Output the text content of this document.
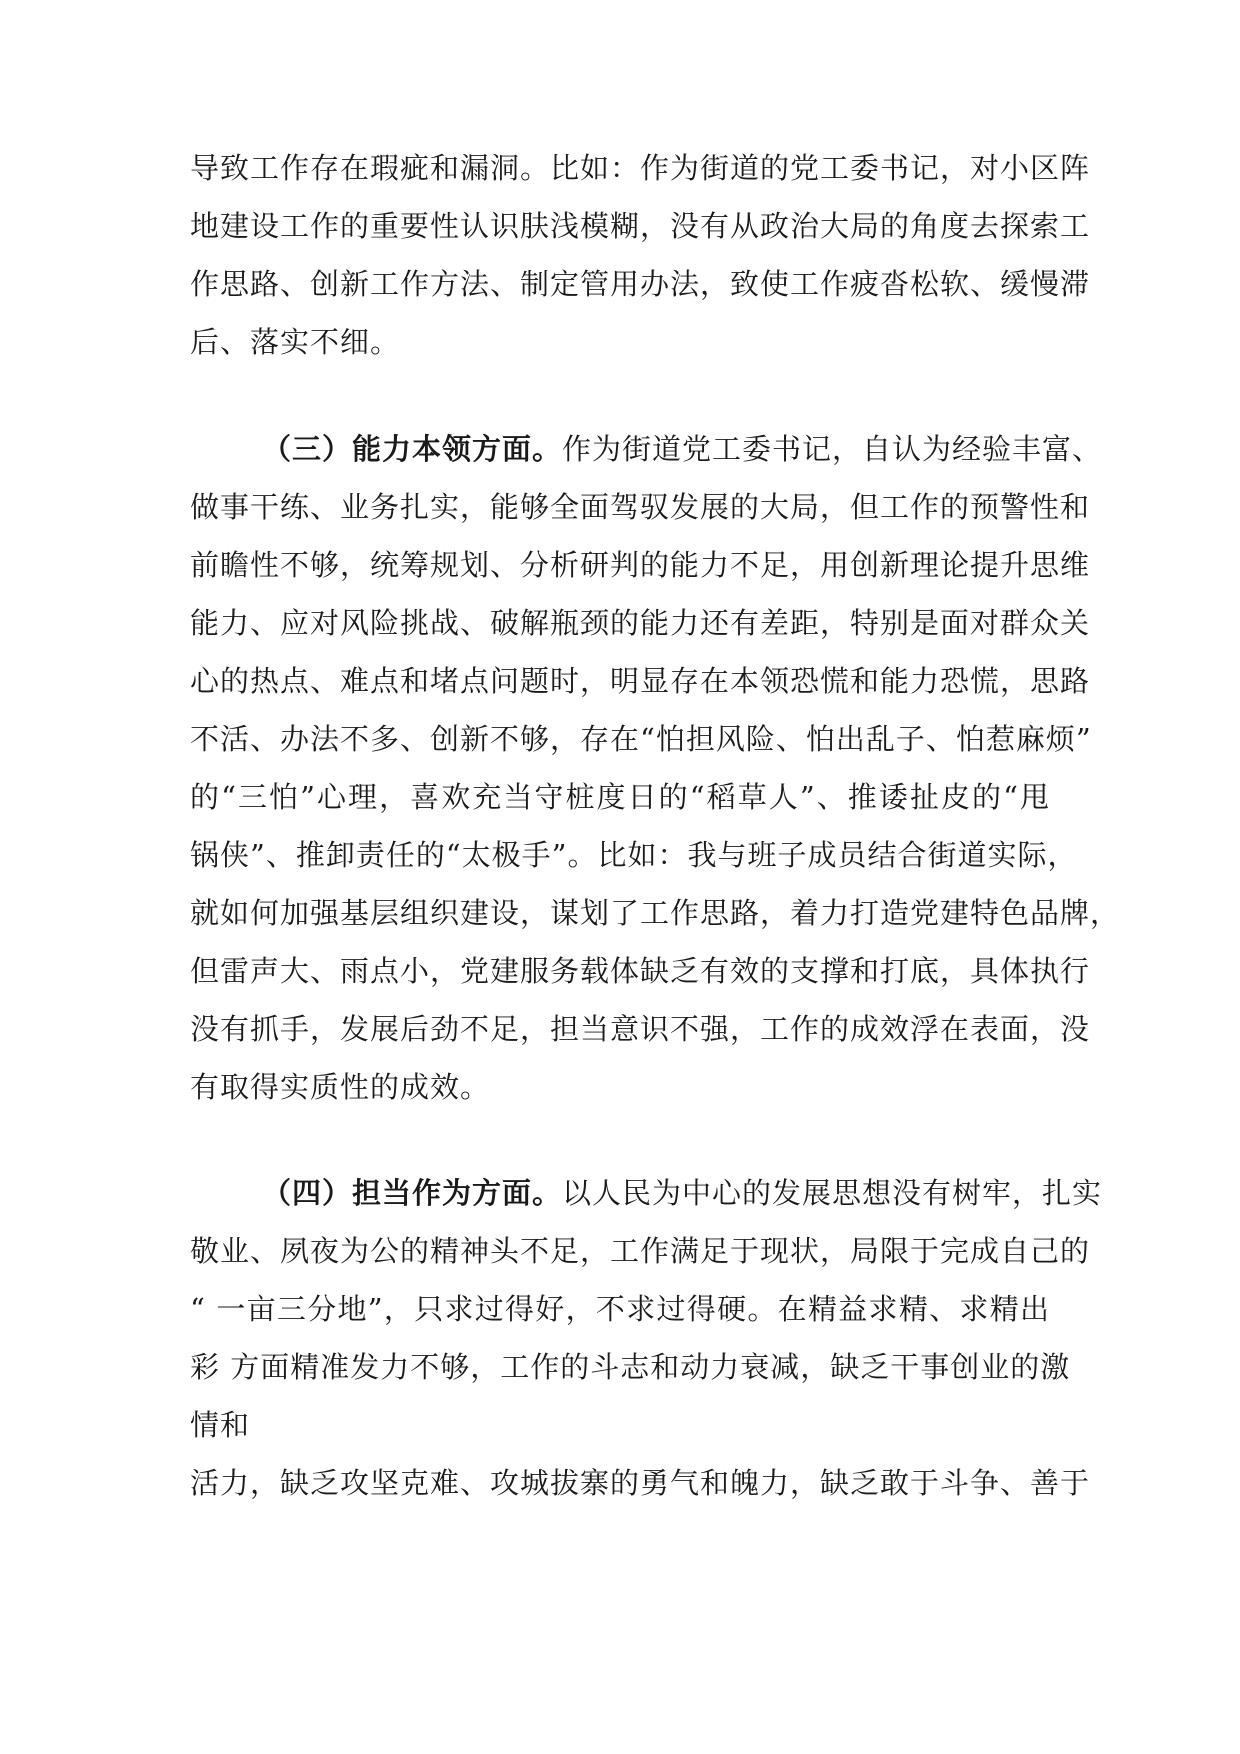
导致工作存在瑕疵和漏洞。比如：作为街道的党工委书记，对小区阵
地建设工作的重要性认识肤浅模糊，没有从政治大局的角度去探索工
作思路、创新工作方法、制定管用办法，致使工作疲沓松软、缓慢滞
后、落实不细。
（三）能力本领方面。作为街道党工委书记，自认为经验丰富、
做事干练、业务扎实，能够全面驾驭发展的大局，但工作的预警性和
前瞻性不够，统筹规划、分析研判的能力不足，用创新理论提升思维
能力、应对风险挑战、破解瓶颈的能力还有差距，特别是面对群众关
心的热点、难点和堵点问题时，明显存在本领恐慌和能力恐慌，思路
不活、办法不多、创新不够，存在“怕担风险、怕出乱子、怕惹麻烦”
的“三怕”心理，喜欢充当守桩度日的“稻草人”、推诿扯皮的“甩
锅侠”、推卸责任的“太极手”。比如：我与班子成员结合街道实际，
就如何加强基层组织建设，谋划了工作思路，着力打造党建特色品牌，
但雷声大、雨点小，党建服务载体缺乏有效的支撑和打底，具体执行
没有抓手，发展后劲不足，担当意识不强，工作的成效浮在表面，没
有取得实质性的成效。
（四）担当作为方面。以人民为中心的发展思想没有树牢，扎实
敬业、夙夜为公的精神头不足，工作满足于现状，局限于完成自己的
“ 一亩三分地”，只求过得好，不求过得硬。在精益求精、求精出
彩 方面精准发力不够，工作的斗志和动力衰减，缺乏干事创业的激
情和
活力，缺乏攻坚克难、攻城拔寨的勇气和魄力，缺乏敢于斗争、善于
